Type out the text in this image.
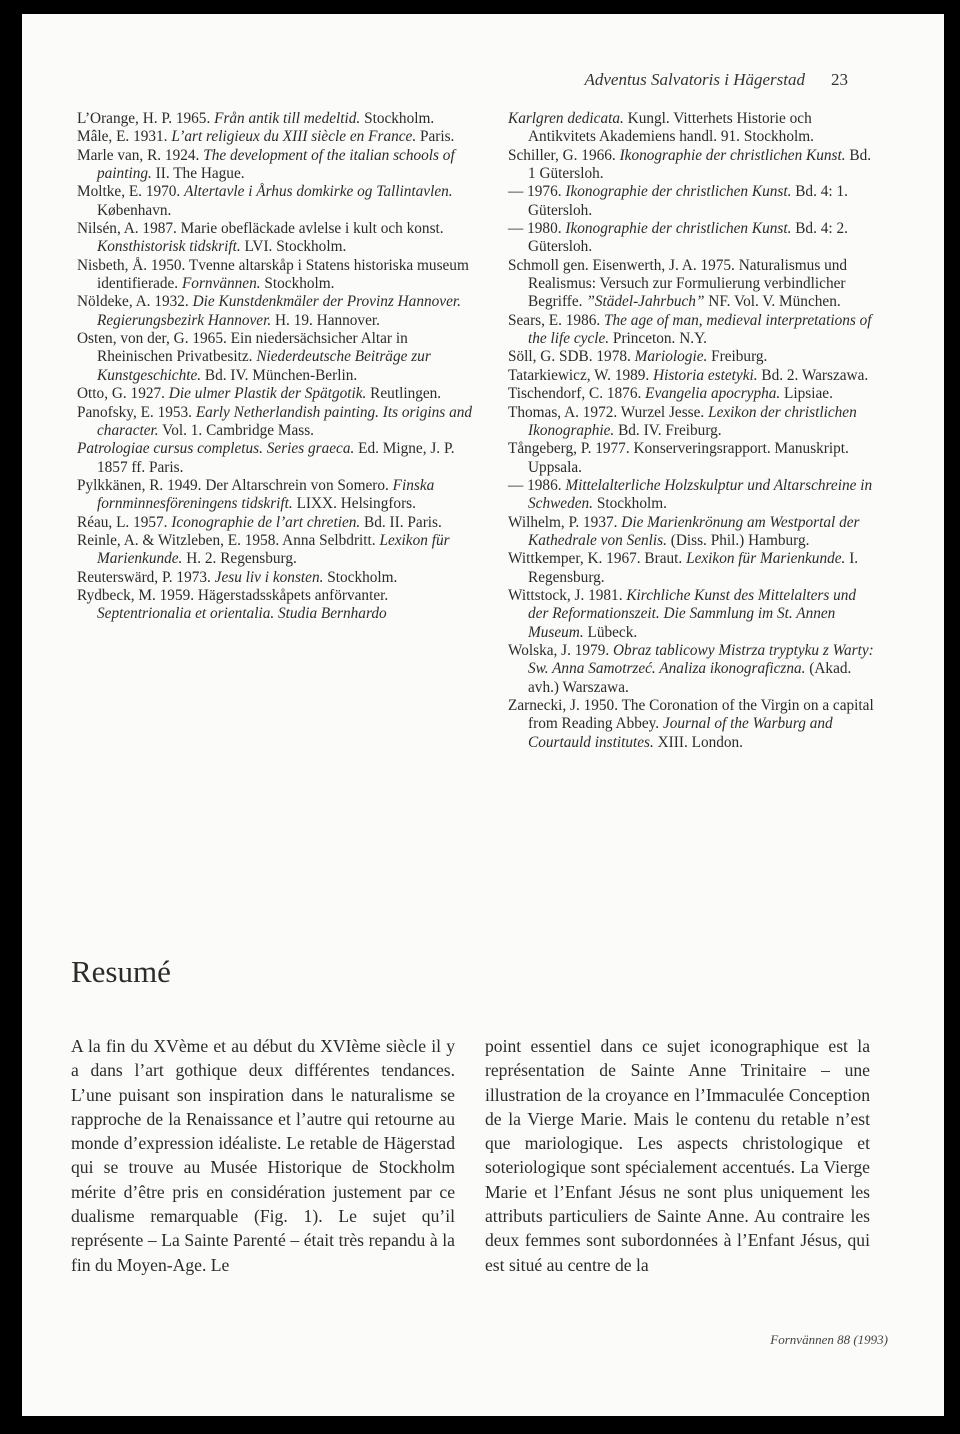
Adventus Salvatoris i Hägerstad 23
L’Orange, H. P. 1965. Från antik till medeltid. Stockholm.
Mâle, E. 1931. L’art religieux du XIII siècle en France. Paris.
Marle van, R. 1924. The development of the italian schools of painting. II. The Hague.
Moltke, E. 1970. Altertavle i Århus domkirke og Tallintavlen. København.
Nilsén, A. 1987. Marie obefläckade avlelse i kult och konst. Konsthistorisk tidskrift. LVI. Stockholm.
Nisbeth, Å. 1950. Tvenne altarskåp i Statens historiska museum identifierade. Fornvännen. Stockholm.
Nöldeke, A. 1932. Die Kunstdenkmäler der Provinz Hannover. Regierungsbezirk Hannover. H. 19. Hannover.
Osten, von der, G. 1965. Ein niedersächsicher Altar in Rheinischen Privatbesitz. Niederdeutsche Beiträge zur Kunstgeschichte. Bd. IV. München-Berlin.
Otto, G. 1927. Die ulmer Plastik der Spätgotik. Reutlingen.
Panofsky, E. 1953. Early Netherlandish painting. Its origins and character. Vol. 1. Cambridge Mass.
Patrologiae cursus completus. Series graeca. Ed. Migne, J. P. 1857 ff. Paris.
Pylkkänen, R. 1949. Der Altarschrein von Somero. Finska fornminnesföreningens tidskrift. LIXX. Helsingfors.
Réau, L. 1957. Iconographie de l’art chretien. Bd. II. Paris.
Reinle, A. & Witzleben, E. 1958. Anna Selbdritt. Lexikon für Marienkunde. H. 2. Regensburg.
Reuterswärd, P. 1973. Jesu liv i konsten. Stockholm.
Rydbeck, M. 1959. Hägerstadsskåpets anförvanter. Septentrionalia et orientalia. Studia Bernhardo
Karlgren dedicata. Kungl. Vitterhets Historie och Antikvitets Akademiens handl. 91. Stockholm.
Schiller, G. 1966. Ikonographie der christlichen Kunst. Bd. 1 Gütersloh.
— 1976. Ikonographie der christlichen Kunst. Bd. 4: 1. Gütersloh.
— 1980. Ikonographie der christlichen Kunst. Bd. 4: 2. Gütersloh.
Schmoll gen. Eisenwerth, J. A. 1975. Naturalismus und Realismus: Versuch zur Formulierung verbindlicher Begriffe. ”Städel-Jahrbuch” NF. Vol. V. München.
Sears, E. 1986. The age of man, medieval interpretations of the life cycle. Princeton. N.Y.
Söll, G. SDB. 1978. Mariologie. Freiburg.
Tatarkiewicz, W. 1989. Historia estetyki. Bd. 2. Warszawa.
Tischendorf, C. 1876. Evangelia apocrypha. Lipsiae.
Thomas, A. 1972. Wurzel Jesse. Lexikon der christlichen Ikonographie. Bd. IV. Freiburg.
Tångeberg, P. 1977. Konserveringsrapport. Manuskript. Uppsala.
— 1986. Mittelalterliche Holzskulptur und Altarschreine in Schweden. Stockholm.
Wilhelm, P. 1937. Die Marienkrönung am Westportal der Kathedrale von Senlis. (Diss. Phil.) Hamburg.
Wittkemper, K. 1967. Braut. Lexikon für Marienkunde. I. Regensburg.
Wittstock, J. 1981. Kirchliche Kunst des Mittelalters und der Reformationszeit. Die Sammlung im St. Annen Museum. Lübeck.
Wolska, J. 1979. Obraz tablicowy Mistrza tryptyku z Warty: Sw. Anna Samotrzeć. Analiza ikonograficzna. (Akad. avh.) Warszawa.
Zarnecki, J. 1950. The Coronation of the Virgin on a capital from Reading Abbey. Journal of the Warburg and Courtauld institutes. XIII. London.
Resumé
A la fin du XVème et au début du XVIème siècle il y a dans l’art gothique deux différentes tendances. L’une puisant son inspiration dans le naturalisme se rapproche de la Renaissance et l’autre qui retourne au monde d’expression idéaliste. Le retable de Hägerstad qui se trouve au Musée Historique de Stockholm mérite d’être pris en considération justement par ce dualisme remarquable (Fig. 1). Le sujet qu’il représente – La Sainte Parenté – était très repandu à la fin du Moyen-Age. Le
point essentiel dans ce sujet iconographique est la représentation de Sainte Anne Trinitaire – une illustration de la croyance en l’Immaculée Conception de la Vierge Marie. Mais le contenu du retable n’est que mariologique. Les aspects christologique et soteriologique sont spécialement accentués. La Vierge Marie et l’Enfant Jésus ne sont plus uniquement les attributs particuliers de Sainte Anne. Au contraire les deux femmes sont subordonnées à l’Enfant Jésus, qui est situé au centre de la
Fornvännen 88 (1993)
